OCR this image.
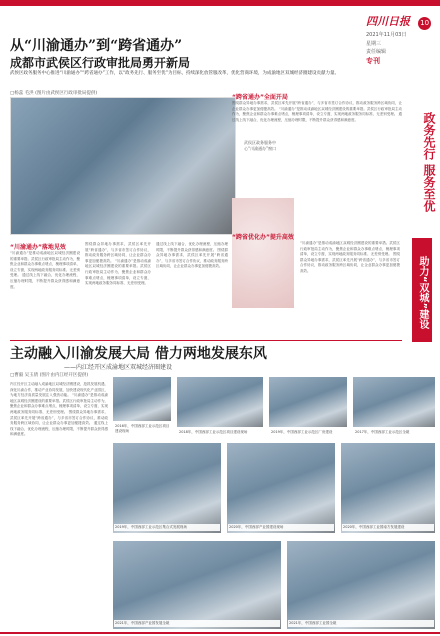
四川日报 10
2021年11月03日
星期三
责任编辑
专刊
政务先行 服务至优
助力“双城”建设
从“川渝通办”到“跨省通办”
成都市武侯区行政审批局勇开新局
武侯区政务服务中心推进“川渝通办”“跨省通办”工作，以“政务先行、服务至优”为目标，持续深化放管服改革，优化营商环境，为成渝地区双城经济圈建设贡献力量。
□杨蕊 毛洪 (图片由武侯区行政审批局提供)
武侯区政务服务中心“川渝通办”窗口
“跨省通办”全面开局
围绕群众异地办事需求，武侯区率先开展“跨省通办”，与多省市签订合作协议，推动政务服务跨区域协同，让企业群众办事更加便捷高效。 “川渝通办”是推动成渝地区双城经济圈建设的重要举措。武侯区行政审批局主动作为，聚焦企业和群众办事难点堵点，梳理事项清单，设立专窗，实现两地政务服务同标准、无差别受理。 通过线上线下融合，优化办理流程，压缩办理时限，不断提升群众获得感和满意度。
“川渝通办”落地见效
“川渝通办”是推动成渝地区双城经济圈建设的重要举措。武侯区行政审批局主动作为，聚焦企业和群众办事难点堵点，梳理事项清单，设立专窗，实现两地政务服务同标准、无差别受理。 通过线上线下融合，优化办理流程，压缩办理时限，不断提升群众获得感和满意度。
围绕群众异地办事需求，武侯区率先开展“跨省通办”，与多省市签订合作协议，推动政务服务跨区域协同，让企业群众办事更加便捷高效。 “川渝通办”是推动成渝地区双城经济圈建设的重要举措。武侯区行政审批局主动作为，聚焦企业和群众办事难点堵点，梳理事项清单，设立专窗，实现两地政务服务同标准、无差别受理。
通过线上线下融合，优化办理流程，压缩办理时限，不断提升群众获得感和满意度。 围绕群众异地办事需求，武侯区率先开展“跨省通办”，与多省市签订合作协议，推动政务服务跨区域协同，让企业群众办事更加便捷高效。
“跨省优化办”提升高效
“川渝通办”是推动成渝地区双城经济圈建设的重要举措。武侯区行政审批局主动作为，聚焦企业和群众办事难点堵点，梳理事项清单，设立专窗，实现两地政务服务同标准、无差别受理。 围绕群众异地办事需求，武侯区率先开展“跨省通办”，与多省市签订合作协议，推动政务服务跨区域协同，让企业群众办事更加便捷高效。
主动融入川渝发展大局 借力两地发展东风
——内江经开区成渝地区双城经济圈建设
□曹毅 吴玉倩 (图片由内江经开区提供)
内江经开区主动融入成渝地区双城经济圈建设，抢抓发展机遇，深化川渝合作，推动产业协同发展，加快建设现代化产业园区，为地方经济高质量发展注入强劲动能。 “川渝通办”是推动成渝地区双城经济圈建设的重要举措。武侯区行政审批局主动作为，聚焦企业和群众办事难点堵点，梳理事项清单，设立专窗，实现两地政务服务同标准、无差别受理。 围绕群众异地办事需求，武侯区率先开展“跨省通办”，与多省市签订合作协议，推动政务服务跨区域协同，让企业群众办事更加便捷高效。 通过线上线下融合，优化办理流程，压缩办理时限，不断提升群众获得感和满意度。
2016年，中国西部工业示范区项目建设现场	2018年，中国西部工业示范区项目建设现场	2019年，中国西部工业示范区厂房建设	2017年，中国西部工业示范区全貌
2019年，中国西部工业示范区集合式发展现场	2020年，中国西部产业园建设现场	2020年，中国西部工业园南方发展建设
2021年，中国西部产业园发展全貌	2021年，中国西部工业园全貌
